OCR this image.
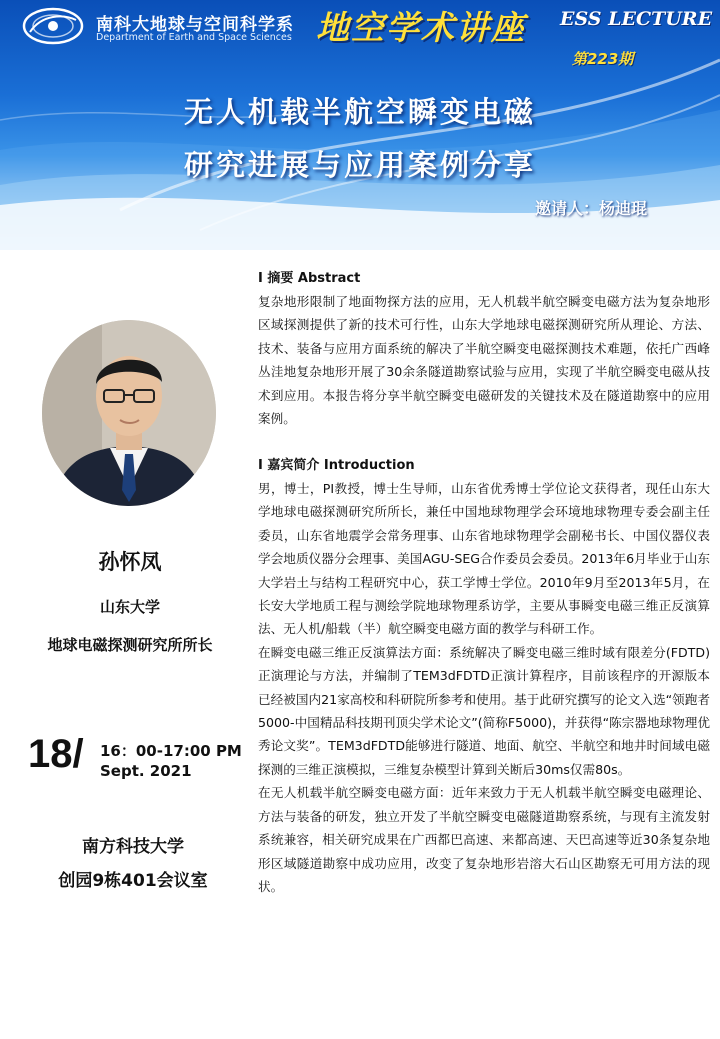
南科大地球与空间科学系
Department of Earth and Space Sciences 地空学术讲座 ESS LECTURE
第223期
无人机载半航空瞬变电磁
研究进展与应用案例分享
邀请人：杨迪琨
孙怀凤
山东大学
地球电磁探测研究所所长
18/ 16：00-17:00 PM
Sept. 2021
南方科技大学
创园9栋401会议室
I 摘要 Abstract

复杂地形限制了地面物探方法的应用，无人机载半航空瞬变电磁方法为复杂地形区域探测提供了新的技术可行性，山东大学地球电磁探测研究所从理论、方法、技术、装备与应用方面系统的解决了半航空瞬变电磁探测技术难题，依托广西峰丛洼地复杂地形开展了30余条隧道勘察试验与应用，实现了半航空瞬变电磁从技术到应用。本报告将分享半航空瞬变电磁研发的关键技术及在隧道勘察中的应用案例。

I 嘉宾简介 Introduction

男，博士，PI教授，博士生导师，山东省优秀博士学位论文获得者，现任山东大学地球电磁探测研究所所长，兼任中国地球物理学会环境地球物理专委会副主任委员，山东省地震学会常务理事、山东省地球物理学会副秘书长、中国仪器仪表学会地质仪器分会理事、美国AGU-SEG合作委员会委员。2013年6月毕业于山东大学岩土与结构工程研究中心，获工学博士学位。2010年9月至2013年5月，在长安大学地质工程与测绘学院地球物理系访学，主要从事瞬变电磁三维正反演算法、无人机/船载（半）航空瞬变电磁方面的教学与科研工作。

在瞬变电磁三维正反演算法方面：系统解决了瞬变电磁三维时域有限差分(FDTD)正演理论与方法，并编制了TEM3dFDTD正演计算程序，目前该程序的开源版本已经被国内21家高校和科研院所参考和使用。基于此研究撰写的论文入选“领跑者5000-中国精品科技期刊顶尖学术论文”(简称F5000)，并获得“陈宗器地球物理优秀论文奖”。TEM3dFDTD能够进行隧道、地面、航空、半航空和地井时间域电磁探测的三维正演模拟，三维复杂模型计算到关断后30ms仅需80s。

在无人机载半航空瞬变电磁方面：近年来致力于无人机载半航空瞬变电磁理论、方法与装备的研发，独立开发了半航空瞬变电磁隧道勘察系统，与现有主流发射系统兼容，相关研究成果在广西都巴高速、来都高速、天巴高速等近30条复杂地形区域隧道勘察中成功应用，改变了复杂地形岩溶大石山区勘察无可用方法的现状。
